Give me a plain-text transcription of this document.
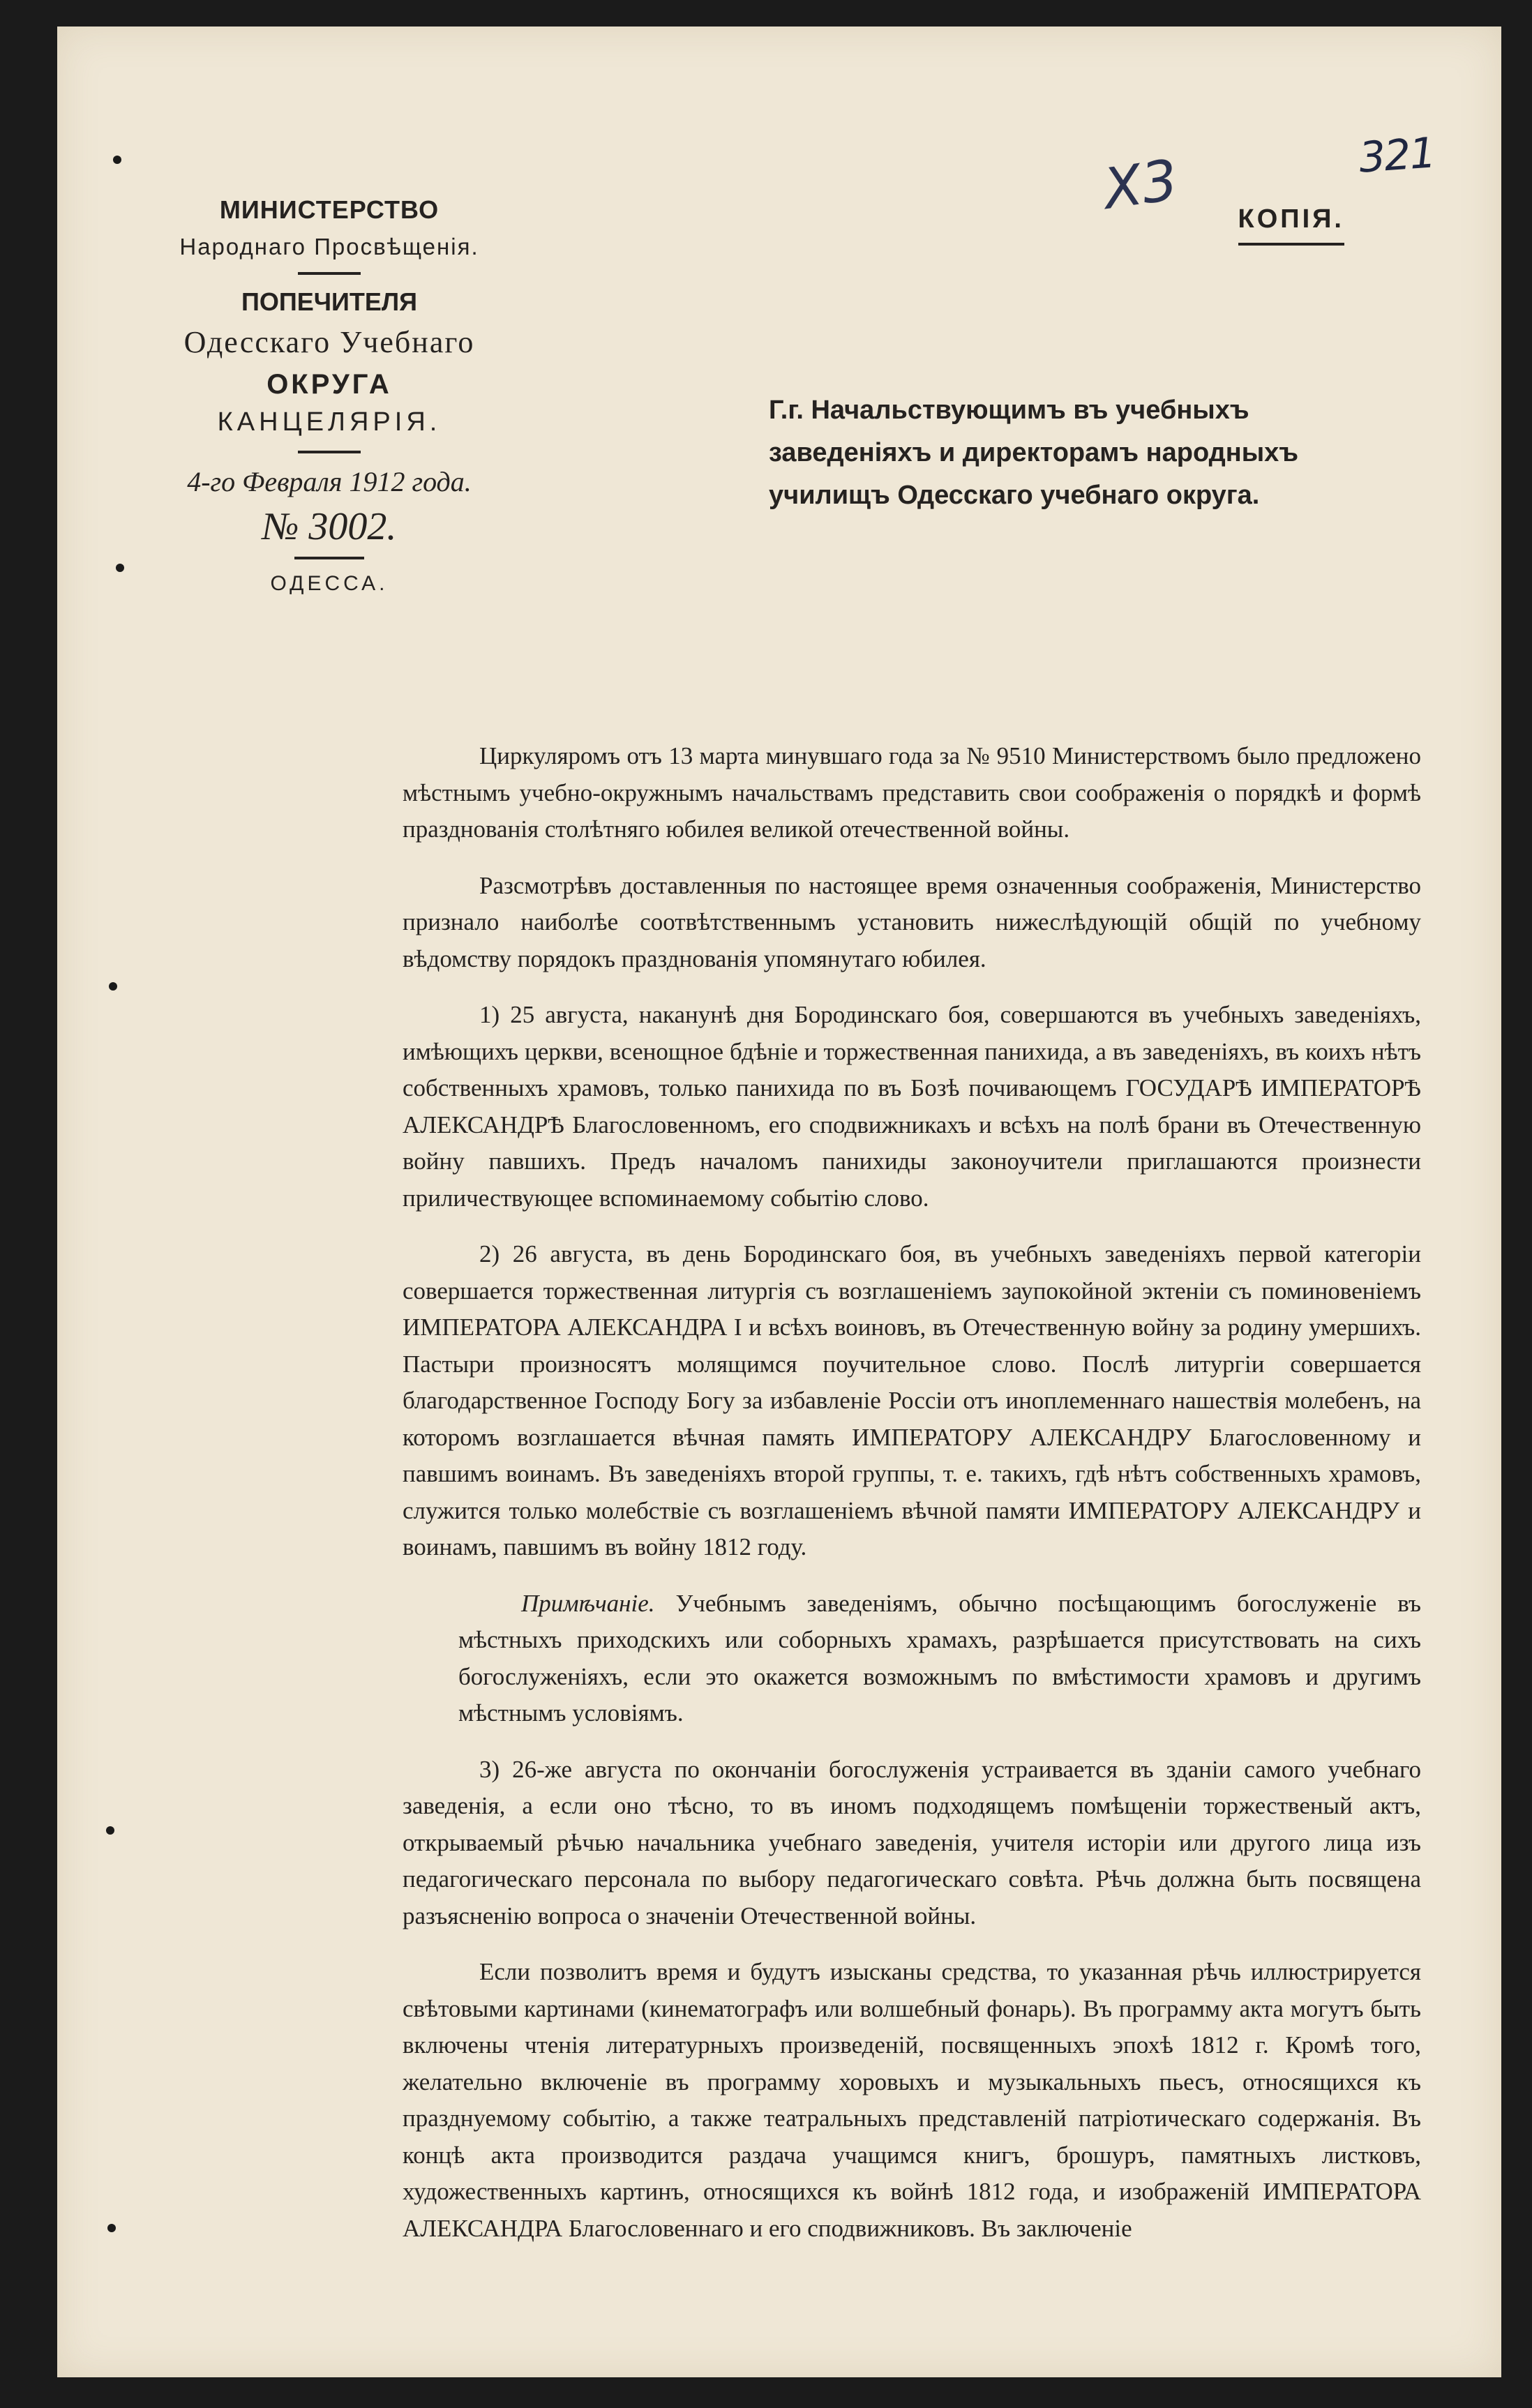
321
Х3 КОПІЯ.
МИНИСТЕРСТВО
Народнаго Просвѣщенія.
ПОПЕЧИТЕЛЯ
Одесскаго Учебнаго
ОКРУГА
КАНЦЕЛЯРІЯ.
4-го Февраля 1912 года.
№ 3002.
ОДЕССА.
Г.г. Начальствующимъ въ учебныхъ заведеніяхъ и директорамъ народныхъ училищъ Одесскаго учебнаго округа.

Циркуляромъ отъ 13 марта минувшаго года за № 9510 Министерствомъ было предложено мѣстнымъ учебно-окружнымъ начальствамъ представить свои соображенія о порядкѣ и формѣ празднованія столѣтняго юбилея великой отечественной войны.

Разсмотрѣвъ доставленныя по настоящее время означенныя соображенія, Министерство признало наиболѣе соотвѣтственнымъ установить нижеслѣдующій общій по учебному вѣдомству порядокъ празднованія упомянутаго юбилея.

1) 25 августа, наканунѣ дня Бородинскаго боя, совершаются въ учебныхъ заведеніяхъ, имѣющихъ церкви, всенощное бдѣніе и торжественная панихида, а въ заведеніяхъ, въ коихъ нѣтъ собственныхъ храмовъ, только панихида по въ Бозѣ почивающемъ ГОСУДАРѢ ИМПЕРАТОРѢ АЛЕКСАНДРѢ Благословенномъ, его сподвижникахъ и всѣхъ на полѣ брани въ Отечественную войну павшихъ. Предъ началомъ панихиды законоучители приглашаются произнести приличествующее вспоминаемому событію слово.

2) 26 августа, въ день Бородинскаго боя, въ учебныхъ заведеніяхъ первой категоріи совершается торжественная литургія съ возглашеніемъ заупокойной эктеніи съ поминовеніемъ ИМПЕРАТОРА АЛЕКСАНДРА I и всѣхъ воиновъ, въ Отечественную войну за родину умершихъ. Пастыри произносятъ молящимся поучительное слово. Послѣ литургіи совершается благодарственное Господу Богу за избавленіе Россіи отъ иноплеменнаго нашествія молебенъ, на которомъ возглашается вѣчная память ИМПЕРАТОРУ АЛЕКСАНДРУ Благословенному и павшимъ воинамъ. Въ заведеніяхъ второй группы, т. е. такихъ, гдѣ нѣтъ собственныхъ храмовъ, служится только молебствіе съ возглашеніемъ вѣчной памяти ИМПЕРАТОРУ АЛЕКСАНДРУ и воинамъ, павшимъ въ войну 1812 году.

Примѣчаніе. Учебнымъ заведеніямъ, обычно посѣщающимъ богослуженіе въ мѣстныхъ приходскихъ или соборныхъ храмахъ, разрѣшается присутствовать на сихъ богослуженіяхъ, если это окажется возможнымъ по вмѣстимости храмовъ и другимъ мѣстнымъ условіямъ.

3) 26-же августа по окончаніи богослуженія устраивается въ зданіи самого учебнаго заведенія, а если оно тѣсно, то въ иномъ подходящемъ помѣщеніи торжественый актъ, открываемый рѣчью начальника учебнаго заведенія, учителя исторіи или другого лица изъ педагогическаго персонала по выбору педагогическаго совѣта. Рѣчь должна быть посвящена разъясненію вопроса о значеніи Отечественной войны.

Если позволитъ время и будутъ изысканы средства, то указанная рѣчь иллюстрируется свѣтовыми картинами (кинематографъ или волшебный фонарь). Въ программу акта могутъ быть включены чтенія литературныхъ произведеній, посвященныхъ эпохѣ 1812 г. Кромѣ того, желательно включеніе въ программу хоровыхъ и музыкальныхъ пьесъ, относящихся къ празднуемому событію, а также театральныхъ представленій патріотическаго содержанія. Въ концѣ акта производится раздача учащимся книгъ, брошуръ, памятныхъ листковъ, художественныхъ картинъ, относящихся къ войнѣ 1812 года, и изображеній ИМПЕРАТОРА АЛЕКСАНДРА Благословеннаго и его сподвижниковъ. Въ заключеніе
